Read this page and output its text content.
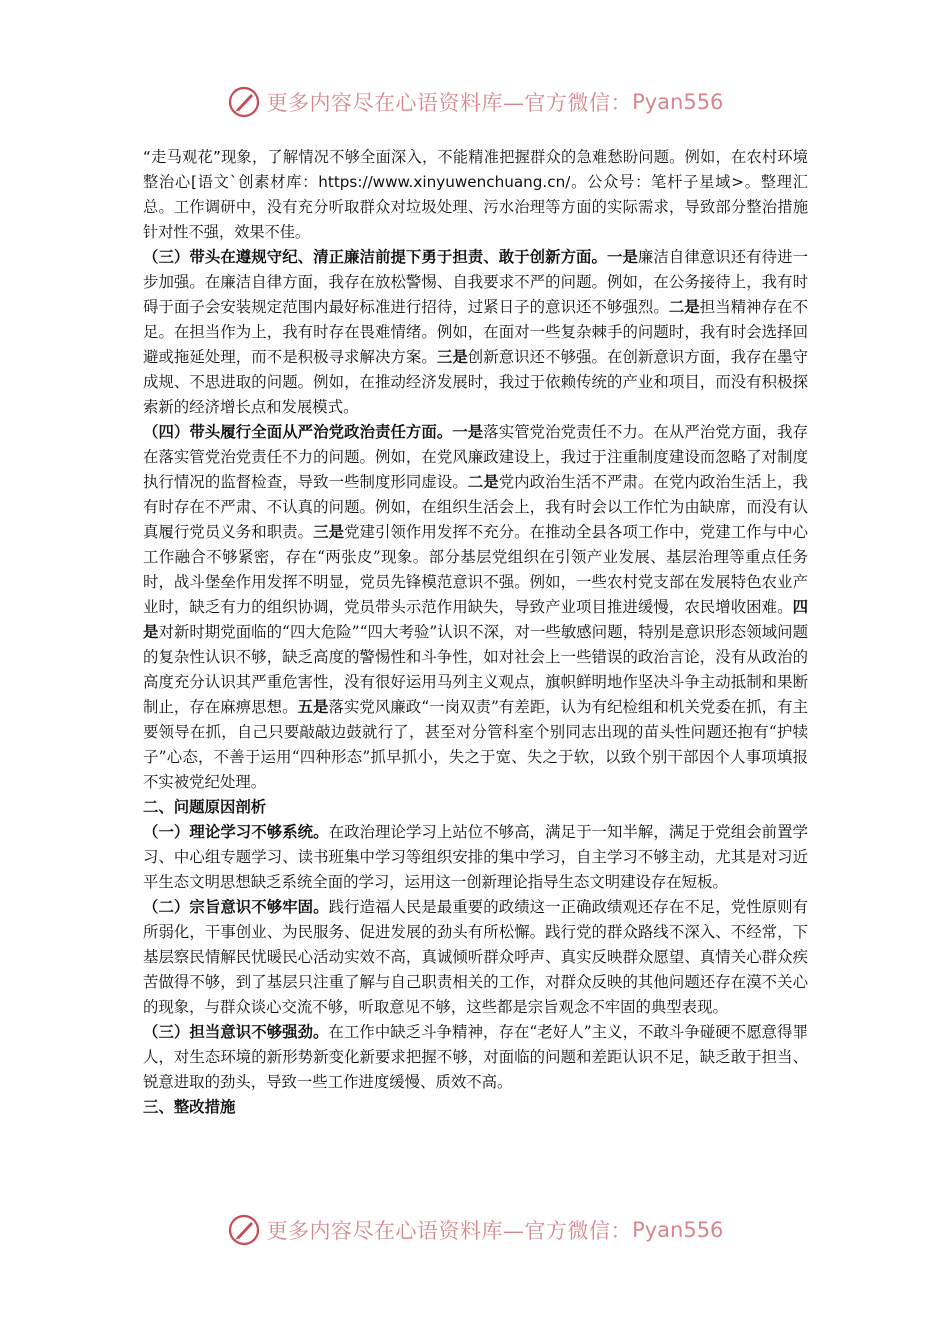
更多内容尽在心语资料库—官方微信： Pyan556

“走马观花”现象，了解情况不够全面深入，不能精准把握群众的急难愁盼问题。例如，在农村环境整治心[语文`创素材库：https://www.xinyuwenchuang.cn/。公众号：笔杆子星域>。整理汇总。工作调研中，没有充分听取群众对垃圾处理、污水治理等方面的实际需求，导致部分整治措施针对性不强，效果不佳。

（三）带头在遵规守纪、清正廉洁前提下勇于担责、敢于创新方面。一是廉洁自律意识还有待进一步加强。在廉洁自律方面，我存在放松警惕、自我要求不严的问题。例如，在公务接待上，我有时碍于面子会安装规定范围内最好标准进行招待，过紧日子的意识还不够强烈。二是担当精神存在不足。在担当作为上，我有时存在畏难情绪。例如，在面对一些复杂棘手的问题时，我有时会选择回避或拖延处理，而不是积极寻求解决方案。三是创新意识还不够强。在创新意识方面，我存在墨守成规、不思进取的问题。例如，在推动经济发展时，我过于依赖传统的产业和项目，而没有积极探索新的经济增长点和发展模式。

（四）带头履行全面从严治党政治责任方面。一是落实管党治党责任不力。在从严治党方面，我存在落实管党治党责任不力的问题。例如，在党风廉政建设上，我过于注重制度建设而忽略了对制度执行情况的监督检查，导致一些制度形同虚设。二是党内政治生活不严肃。在党内政治生活上，我有时存在不严肃、不认真的问题。例如，在组织生活会上，我有时会以工作忙为由缺席，而没有认真履行党员义务和职责。三是党建引领作用发挥不充分。在推动全县各项工作中，党建工作与中心工作融合不够紧密，存在“两张皮”现象。部分基层党组织在引领产业发展、基层治理等重点任务时，战斗堡垒作用发挥不明显，党员先锋模范意识不强。例如，一些农村党支部在发展特色农业产业时，缺乏有力的组织协调，党员带头示范作用缺失，导致产业项目推进缓慢，农民增收困难。四是对新时期党面临的“四大危险”“四大考验”认识不深，对一些敏感问题，特别是意识形态领域问题的复杂性认识不够，缺乏高度的警惕性和斗争性，如对社会上一些错误的政治言论，没有从政治的高度充分认识其严重危害性，没有很好运用马列主义观点，旗帜鲜明地作坚决斗争主动抵制和果断制止，存在麻痹思想。五是落实党风廉政“一岗双责”有差距，认为有纪检组和机关党委在抓，有主要领导在抓，自己只要敲敲边鼓就行了，甚至对分管科室个别同志出现的苗头性问题还抱有“护犊子”心态，不善于运用“四种形态”抓早抓小，失之于宽、失之于软，以致个别干部因个人事项填报不实被党纪处理。

二、问题原因剖析

（一）理论学习不够系统。在政治理论学习上站位不够高，满足于一知半解，满足于党组会前置学习、中心组专题学习、读书班集中学习等组织安排的集中学习，自主学习不够主动，尤其是对习近平生态文明思想缺乏系统全面的学习，运用这一创新理论指导生态文明建设存在短板。

（二）宗旨意识不够牢固。践行造福人民是最重要的政绩这一正确政绩观还存在不足，党性原则有所弱化，干事创业、为民服务、促进发展的劲头有所松懈。践行党的群众路线不深入、不经常，下基层察民情解民忧暖民心活动实效不高，真诚倾听群众呼声、真实反映群众愿望、真情关心群众疾苦做得不够，到了基层只注重了解与自己职责相关的工作，对群众反映的其他问题还存在漠不关心的现象，与群众谈心交流不够，听取意见不够，这些都是宗旨观念不牢固的典型表现。

（三）担当意识不够强劲。在工作中缺乏斗争精神，存在“老好人”主义，不敢斗争碰硬不愿意得罪人，对生态环境的新形势新变化新要求把握不够，对面临的问题和差距认识不足，缺乏敢于担当、锐意进取的劲头，导致一些工作进度缓慢、质效不高。

三、整改措施

更多内容尽在心语资料库—官方微信： Pyan556
